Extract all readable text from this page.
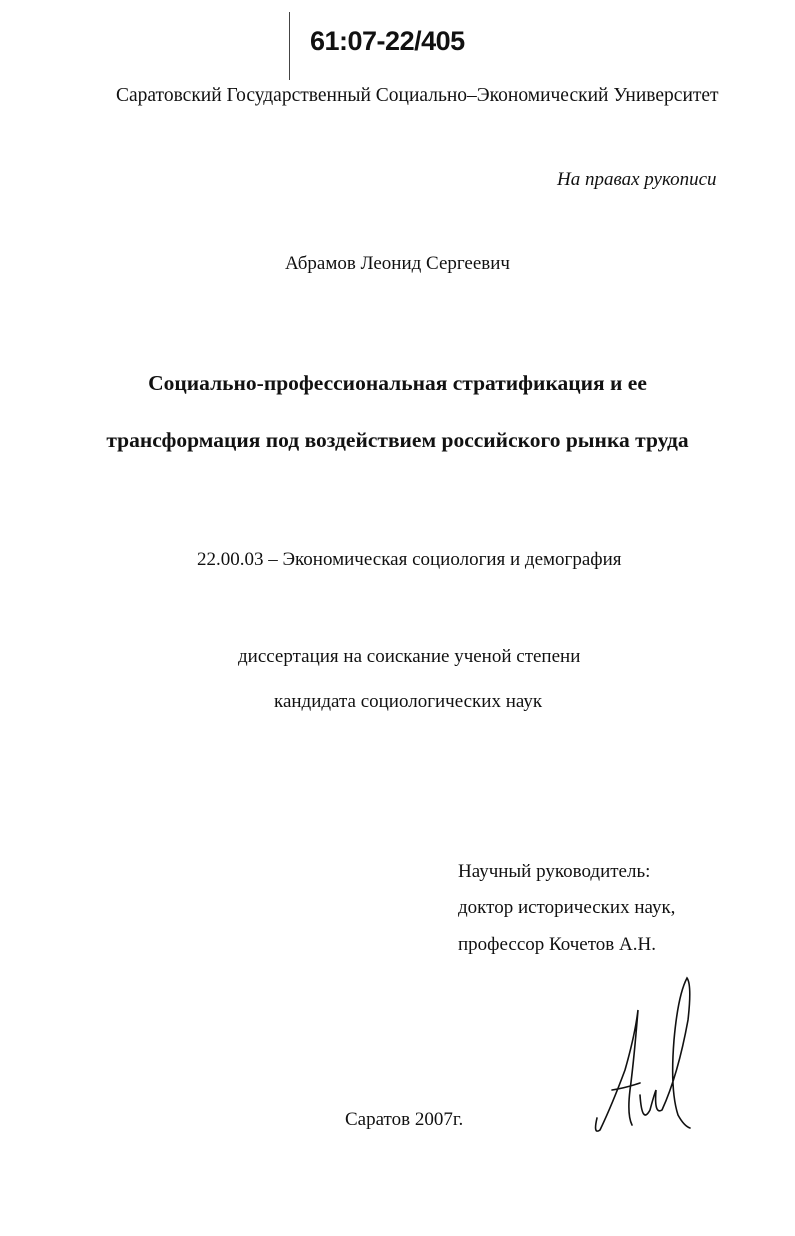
61:07-22/405
Саратовский Государственный Социально–Экономический Университет
На правах рукописи
Абрамов Леонид Сергеевич
Социально-профессиональная стратификация и ее
трансформация под воздействием российского рынка труда
22.00.03 – Экономическая социология и демография
диссертация на соискание ученой степени
кандидата социологических наук
Научный руководитель:
доктор исторических наук,
профессор Кочетов А.Н.
Саратов 2007г.
